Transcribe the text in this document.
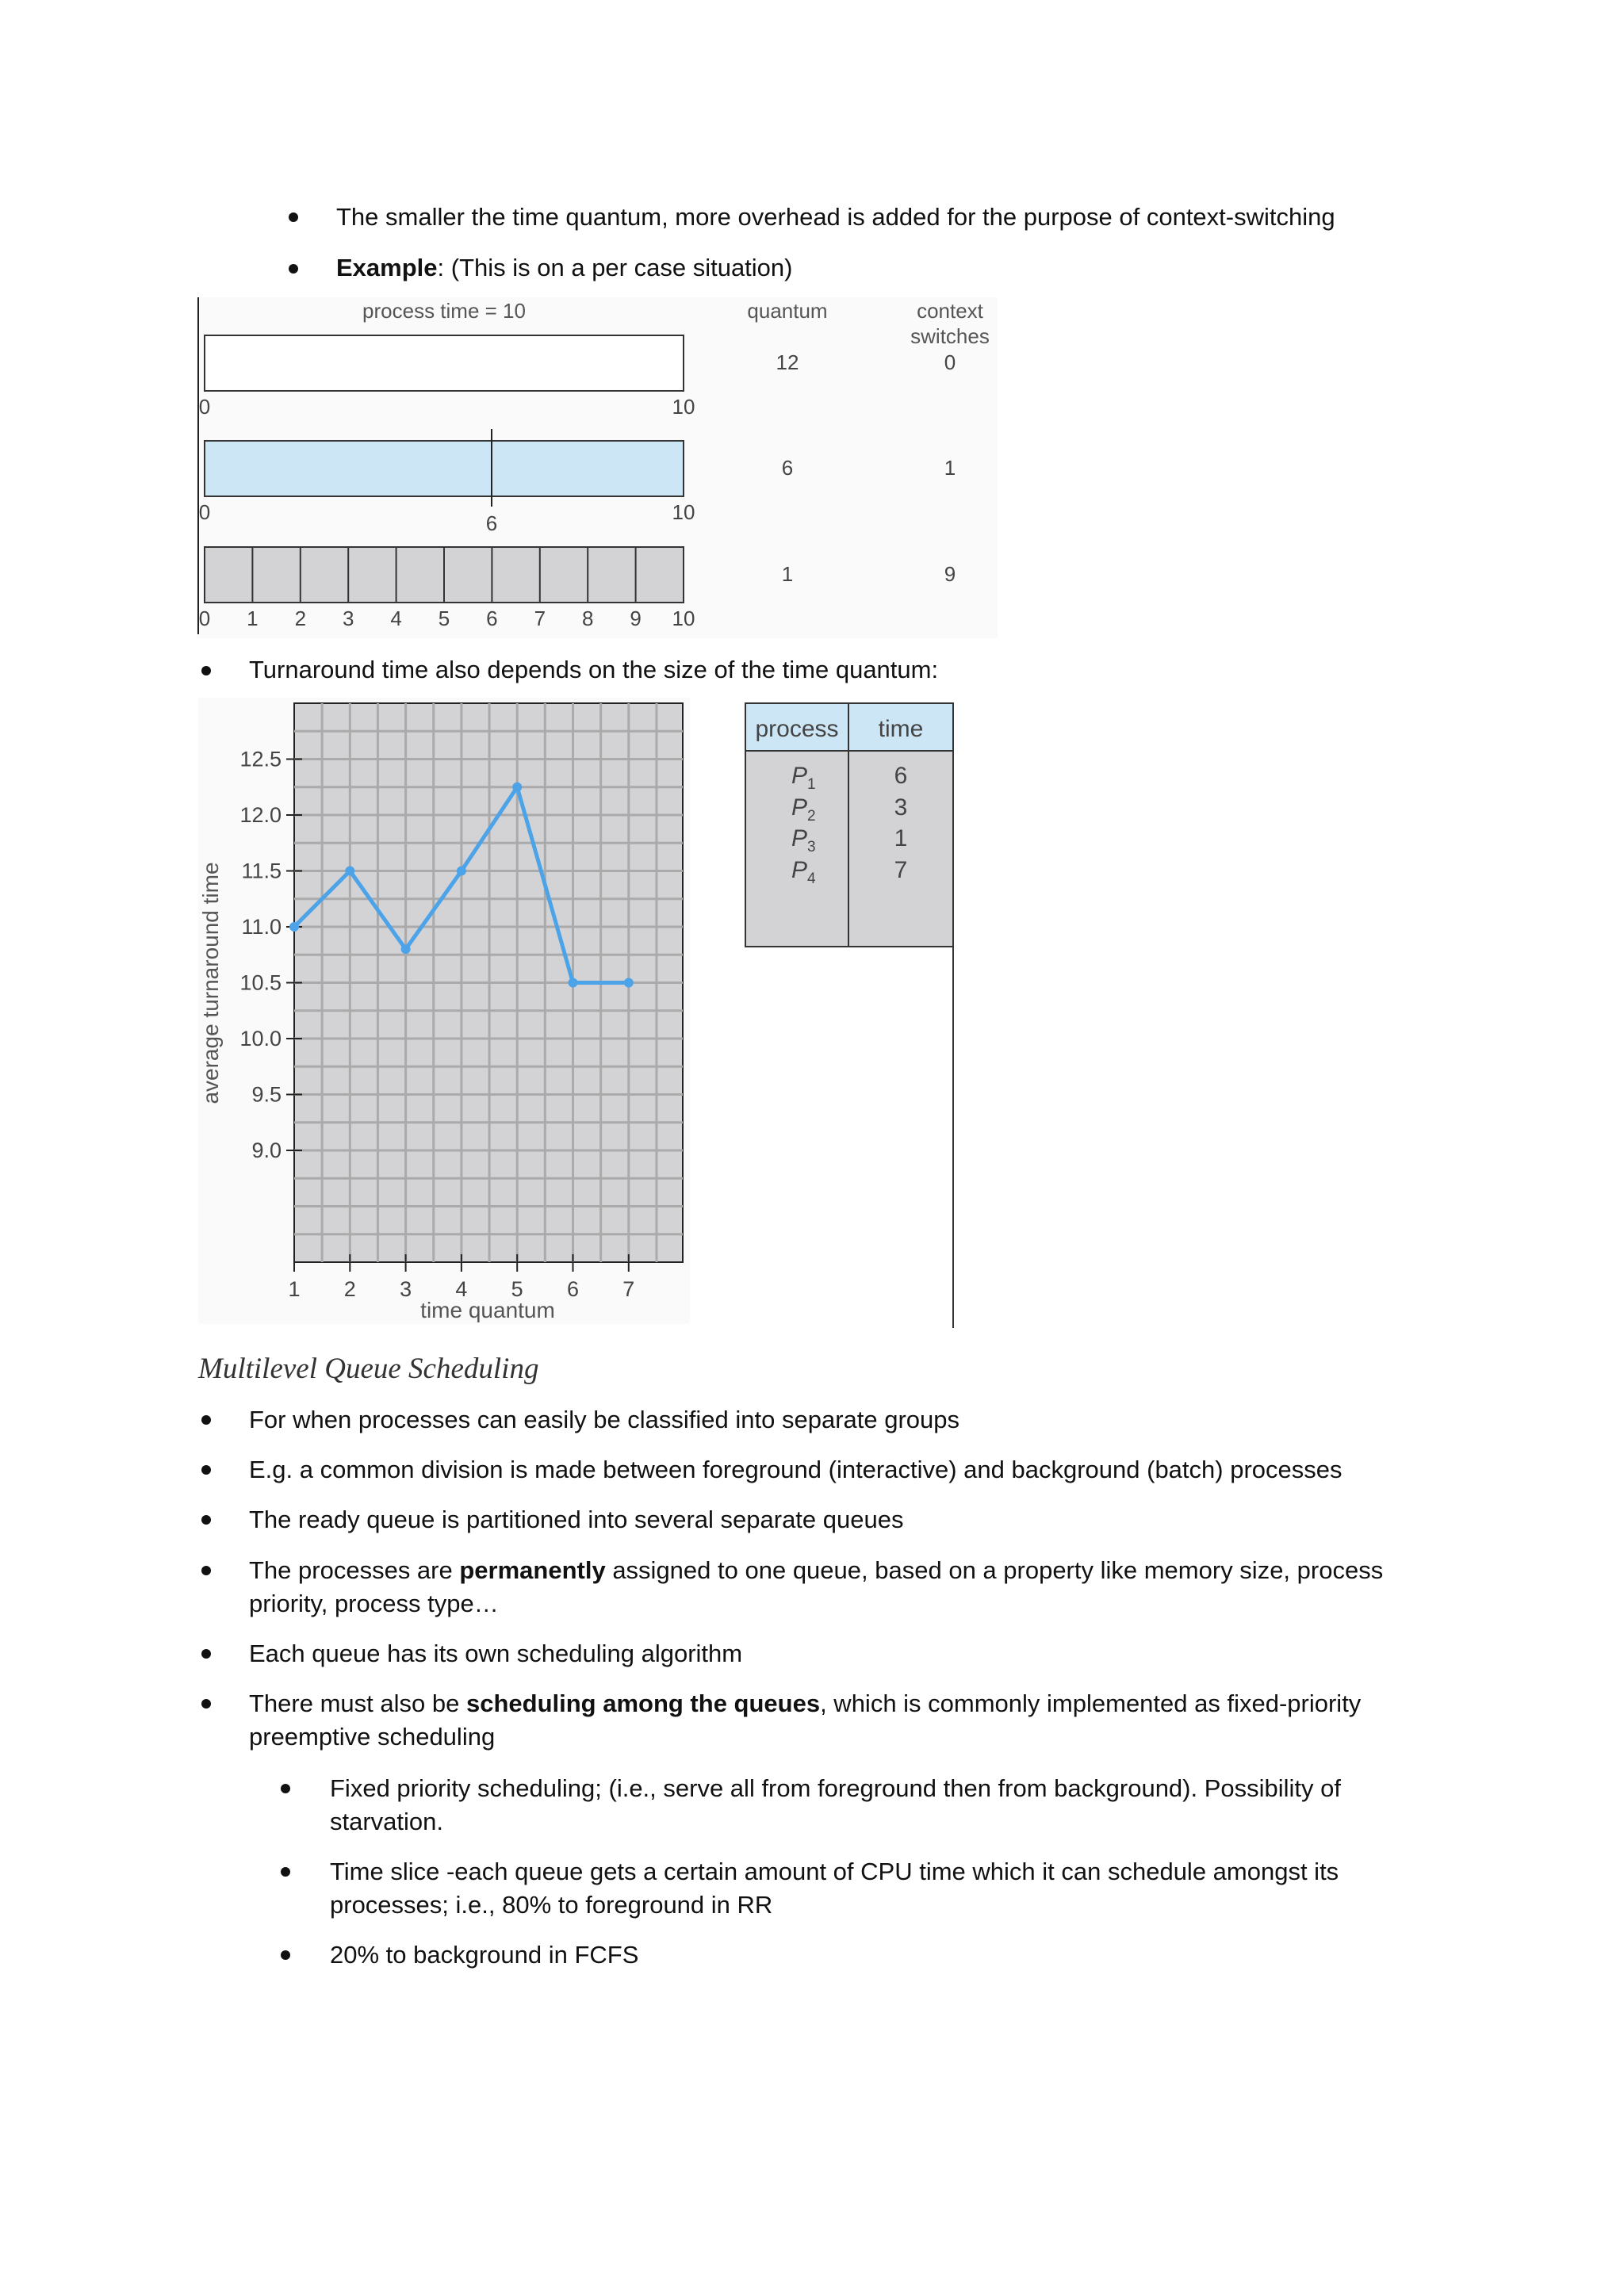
The smaller the time quantum, more overhead is added for the purpose of context-switching
Example: (This is on a per case situation)
process time = 10	quantum	context
switches
0	10
12	0
0	6	10
6	1
0 1 2 3 4 5 6 7 8 9 10
1	9
Turnaround time also depends on the size of the time quantum:
9.0
9.5
10.0
10.5
11.0
11.5
12.0
12.5
1 2 3 4 5 6 7
time quantum
average turnaround time
process time
$P_1$	6
$P_2$	3
$P_3$	1
$P_4$	7
Multilevel Queue Scheduling
For when processes can easily be classified into separate groups
E.g. a common division is made between foreground (interactive) and background (batch) processes
The ready queue is partitioned into several separate queues
The processes are permanently assigned to one queue, based on a property like memory size, process
priority, process type…
Each queue has its own scheduling algorithm
There must also be scheduling among the queues, which is commonly implemented as fixed-priority
preemptive scheduling
Fixed priority scheduling; (i.e., serve all from foreground then from background). Possibility of
starvation.
Time slice -each queue gets a certain amount of CPU time which it can schedule amongst its
processes; i.e., 80% to foreground in RR
20% to background in FCFS
